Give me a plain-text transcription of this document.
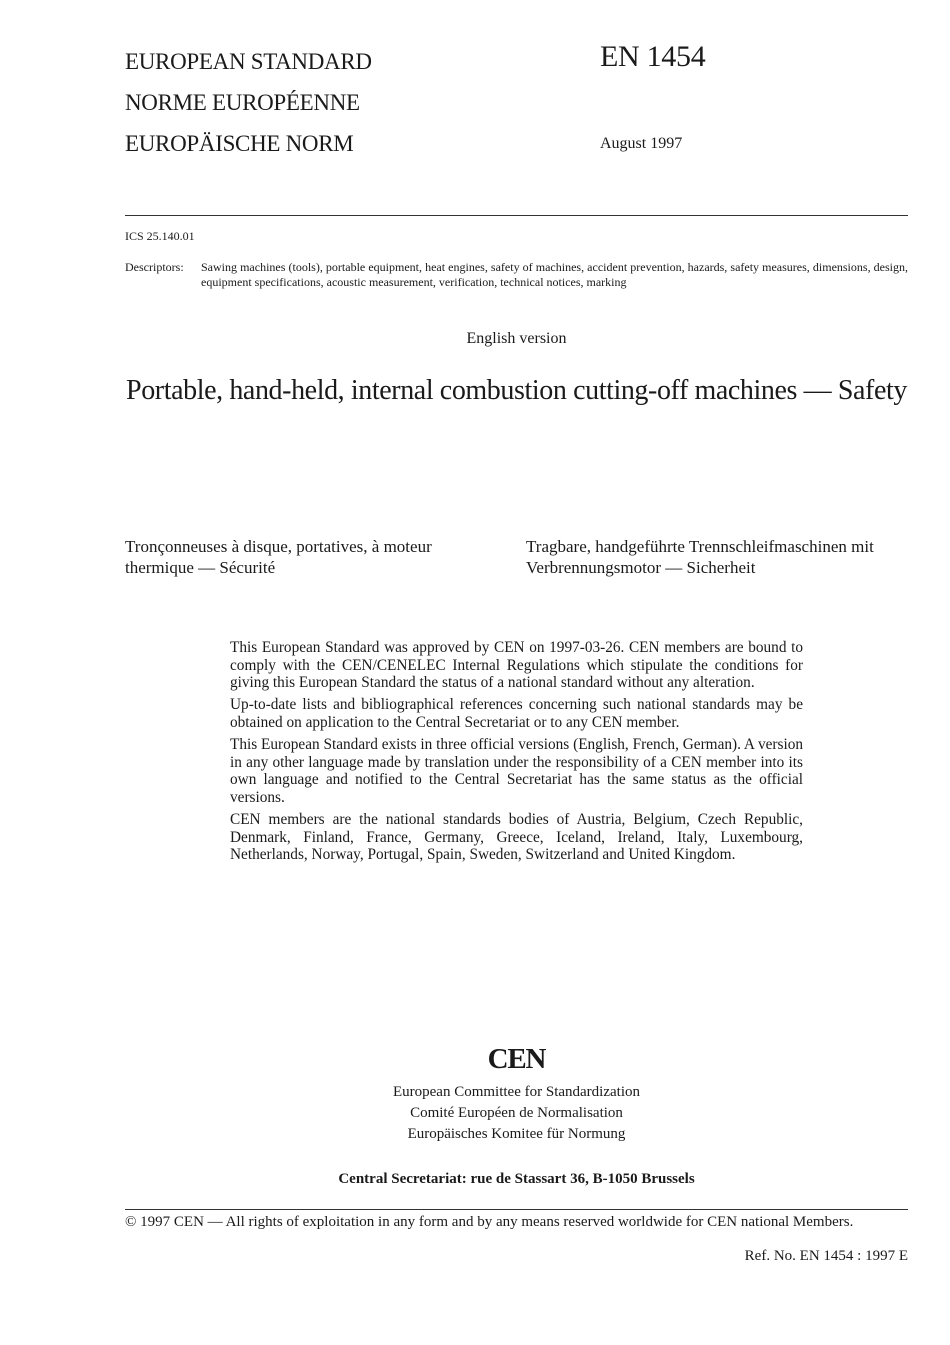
EUROPEAN STANDARD
NORME EUROPÉENNE
EUROPÄISCHE NORM
EN 1454
August 1997
ICS 25.140.01
Descriptors: Sawing machines (tools), portable equipment, heat engines, safety of machines, accident prevention, hazards, safety measures, dimensions, design, equipment specifications, acoustic measurement, verification, technical notices, marking
English version
Portable, hand-held, internal combustion cutting-off machines — Safety
Tronçonneuses à disque, portatives, à moteur thermique — Sécurité
Tragbare, handgeführte Trennschleifmaschinen mit Verbrennungsmotor — Sicherheit

This European Standard was approved by CEN on 1997-03-26. CEN members are bound to comply with the CEN/CENELEC Internal Regulations which stipulate the conditions for giving this European Standard the status of a national standard without any alteration.

Up-to-date lists and bibliographical references concerning such national standards may be obtained on application to the Central Secretariat or to any CEN member.

This European Standard exists in three official versions (English, French, German). A version in any other language made by translation under the responsibility of a CEN member into its own language and notified to the Central Secretariat has the same status as the official versions.

CEN members are the national standards bodies of Austria, Belgium, Czech Republic, Denmark, Finland, France, Germany, Greece, Iceland, Ireland, Italy, Luxembourg, Netherlands, Norway, Portugal, Spain, Sweden, Switzerland and United Kingdom.

CEN
European Committee for Standardization
Comité Européen de Normalisation
Europäisches Komitee für Normung
Central Secretariat: rue de Stassart 36, B-1050 Brussels
© 1997 CEN — All rights of exploitation in any form and by any means reserved worldwide for CEN national Members.
Ref. No. EN 1454 : 1997 E
